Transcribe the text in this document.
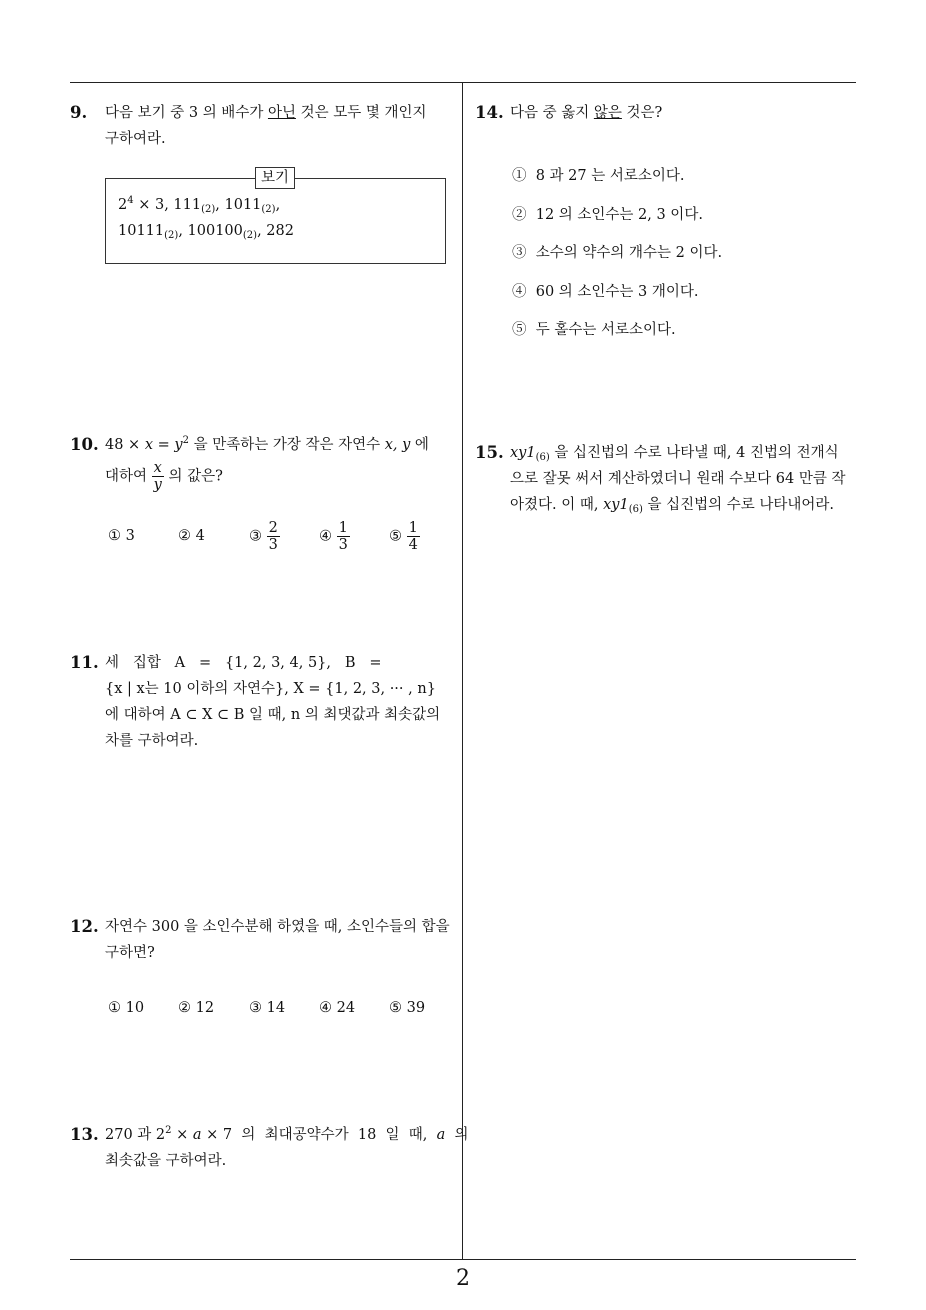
9. 다음 보기 중 3 의 배수가 아닌 것은 모두 몇 개인지
구하여라.
$2^4 \times 3$, $111_{(2)}$, $1011_{(2)}$,
$10111_{(2)}$, $100100_{(2)}$, 282
보기
10. $48 \times x = y^2$ 을 만족하는 가장 작은 자연수 x, y 에
대하여 $\frac{x}{y}$ 의 값은?
① 3	② 4	③ $\frac{2}{3}$	④ $\frac{1}{3}$	⑤ $\frac{1}{4}$
11. 세   집합   A   =   {1, 2, 3, 4, 5},   B   =
{x | x는 10 이하의 자연수}, X = {1, 2, 3, ··· , n}
에 대하여 A ⊂ X ⊂ B 일 때, n 의 최댓값과 최솟값의
차를 구하여라.
12. 자연수 300 을 소인수분해 하였을 때, 소인수들의 합을
구하면?
① 10 ② 12 ③ 14 ④ 24 ⑤ 39
13. 270 과 $2^2 \times a \times 7$  의  최대공약수가  18  일  때,  a  의
최솟값을 구하여라.
14. 다음 중 옳지 않은 것은?
① 8 과 27 는 서로소이다.
② 12 의 소인수는 2, 3 이다.
③ 소수의 약수의 개수는 2 이다.
④ 60 의 소인수는 3 개이다.
⑤ 두 홀수는 서로소이다.
15. $xy1_{(6)}$ 을 십진법의 수로 나타낼 때, 4 진법의 전개식
으로 잘못 써서 계산하였더니 원래 수보다 64 만큼 작
아졌다. 이 때, $xy1_{(6)}$ 을 십진법의 수로 나타내어라.
2
